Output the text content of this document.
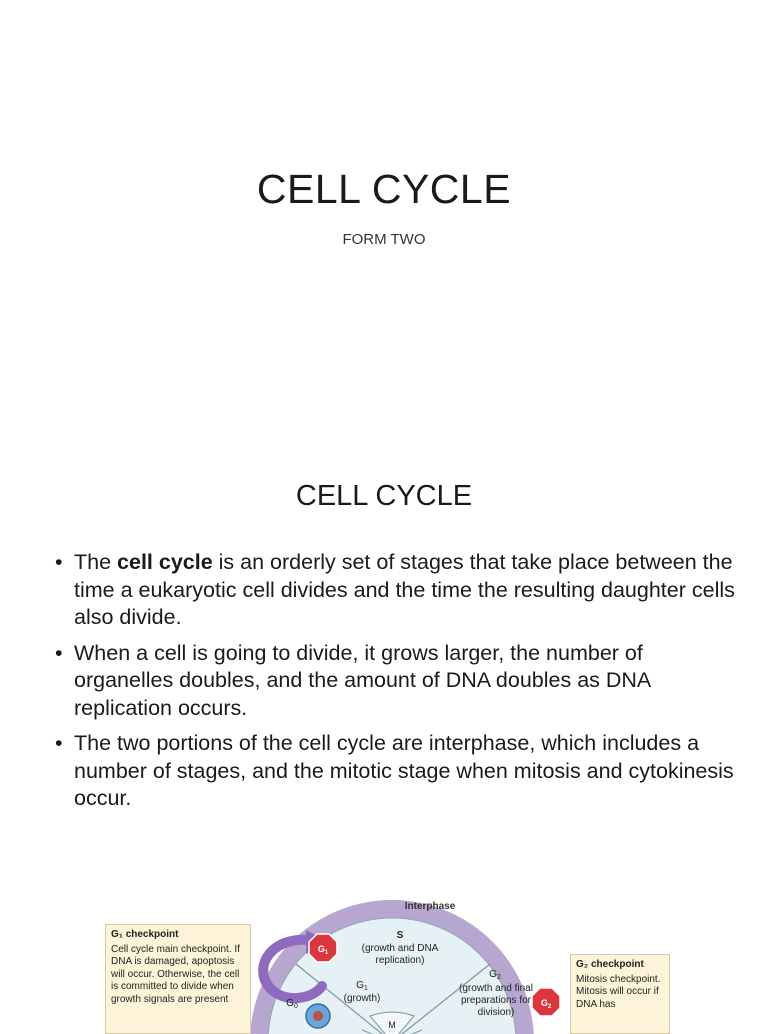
CELL CYCLE
FORM TWO
CELL CYCLE
• The cell cycle is an orderly set of stages that take place between the time a eukaryotic cell divides and the time the resulting daughter cells also divide.
• When a cell is going to divide, it grows larger, the number of organelles doubles, and the amount of DNA doubles as DNA replication occurs.
• The two portions of the cell cycle are interphase, which includes a number of stages, and the mitotic stage when mitosis and cytokinesis occur.
Interphase
S
(growth and DNA
replication)
$G_1$
(growth)
$G_2$
(growth and final
preparations for
division)
M
$G_0$
$G_1$
$G_2$
G₁ checkpoint
Cell cycle main checkpoint. If DNA is damaged, apoptosis will occur. Otherwise, the cell is committed to divide when growth signals are present
G₂ checkpoint
Mitosis checkpoint. Mitosis will occur if DNA has
